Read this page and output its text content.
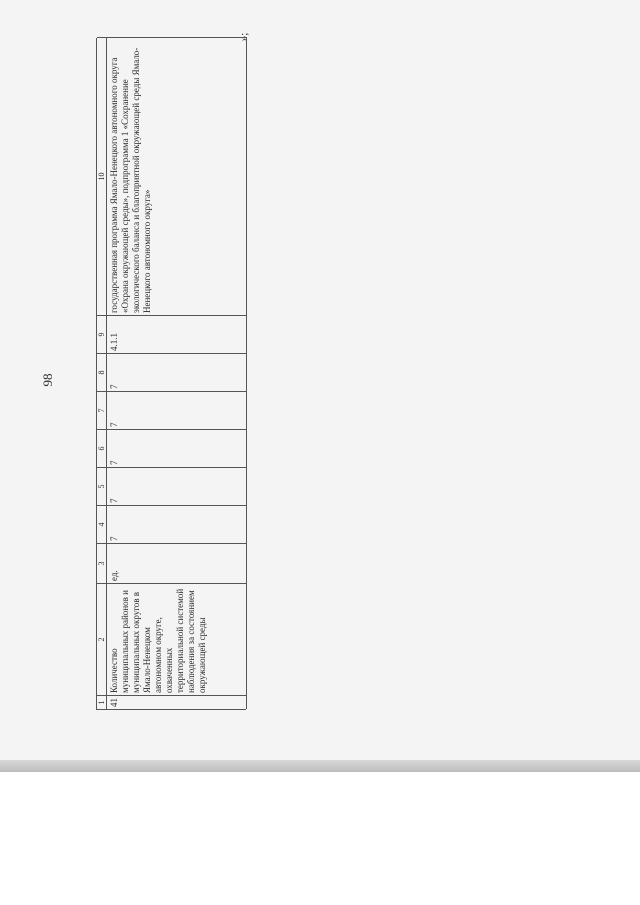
98
»;
1
2
3
4
5
6
7
8
9
10
41
Количество муниципальных районов и муниципальных округов в Ямало-Ненецком автономном округе, охваченных территориальной системой наблюдения за состоянием окружающей среды
ед.
7
7
7
7
7
4.1.1
государственная программа Ямало-Ненецкого автономного округа «Охрана окружающей среды», подпрограмма 1 «Сохранение экологического баланса и благоприятной окружающей среды Ямало-Ненецкого автономного округа»
